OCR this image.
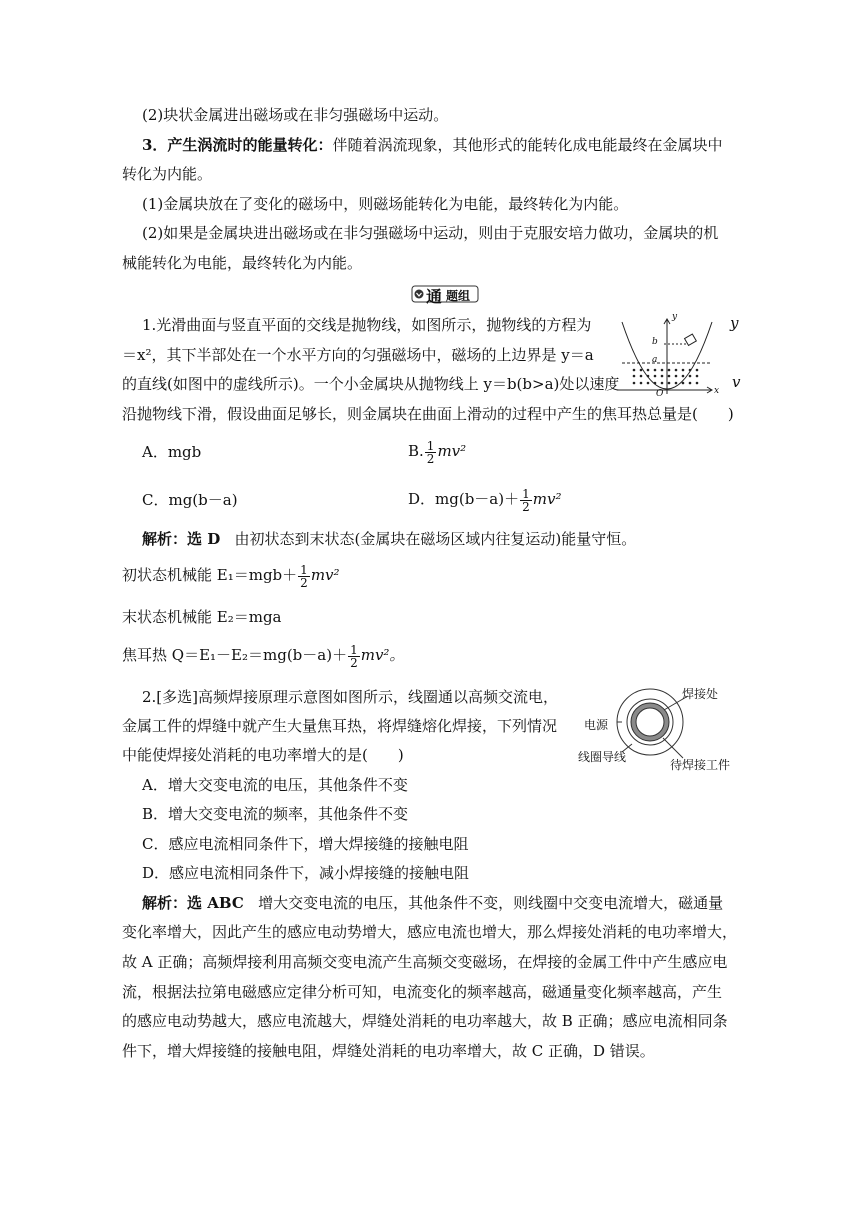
(2)块状金属进出磁场或在非匀强磁场中运动。
3．产生涡流时的能量转化：伴随着涡流现象，其他形式的能转化成电能最终在金属块中
转化为内能。
(1)金属块放在了变化的磁场中，则磁场能转化为电能，最终转化为内能。
(2)如果是金属块进出磁场或在非匀强磁场中运动，则由于克服安培力做功，金属块的机
械能转化为电能，最终转化为内能。
通 题组
1.光滑曲面与竖直平面的交线是抛物线，如图所示，抛物线的方程为	y
＝x²，其下半部处在一个水平方向的匀强磁场中，磁场的上边界是 y＝a
的直线(如图中的虚线所示)。一个小金属块从抛物线上 y＝b(b>a)处以速度	v
沿抛物线下滑，假设曲面足够长，则金属块在曲面上滑动的过程中产生的焦耳热总量是(　　)
y
b
a
O	x
A．mgb	B. $\frac{1}{2} mv^2$
C．mg(b－a)	D．$mg(b-a)+ \frac{1}{2} mv^2$
解析：选 D 由初状态到末状态(金属块在磁场区域内往复运动)能量守恒。
初状态机械能 $E_1=mgb+ \frac{1}{2} mv^2$
末状态机械能 E₂＝mga
焦耳热 $Q=E_1-E_2=mg(b-a)+ \frac{1}{2} mv^2$。
2.[多选]高频焊接原理示意图如图所示，线圈通以高频交流电，
金属工件的焊缝中就产生大量焦耳热，将焊缝熔化焊接，下列情况
中能使焊接处消耗的电功率增大的是(　　)
焊接处
电源
线圈导线
待焊接工件
A．增大交变电流的电压，其他条件不变
B．增大交变电流的频率，其他条件不变
C．感应电流相同条件下，增大焊接缝的接触电阻
D．感应电流相同条件下，减小焊接缝的接触电阻
解析：选 ABC 增大交变电流的电压，其他条件不变，则线圈中交变电流增大，磁通量
变化率增大，因此产生的感应电动势增大，感应电流也增大，那么焊接处消耗的电功率增大，
故 A 正确；高频焊接利用高频交变电流产生高频交变磁场，在焊接的金属工件中产生感应电
流，根据法拉第电磁感应定律分析可知，电流变化的频率越高，磁通量变化频率越高，产生
的感应电动势越大，感应电流越大，焊缝处消耗的电功率越大，故 B 正确；感应电流相同条
件下，增大焊接缝的接触电阻，焊缝处消耗的电功率增大，故 C 正确，D 错误。
